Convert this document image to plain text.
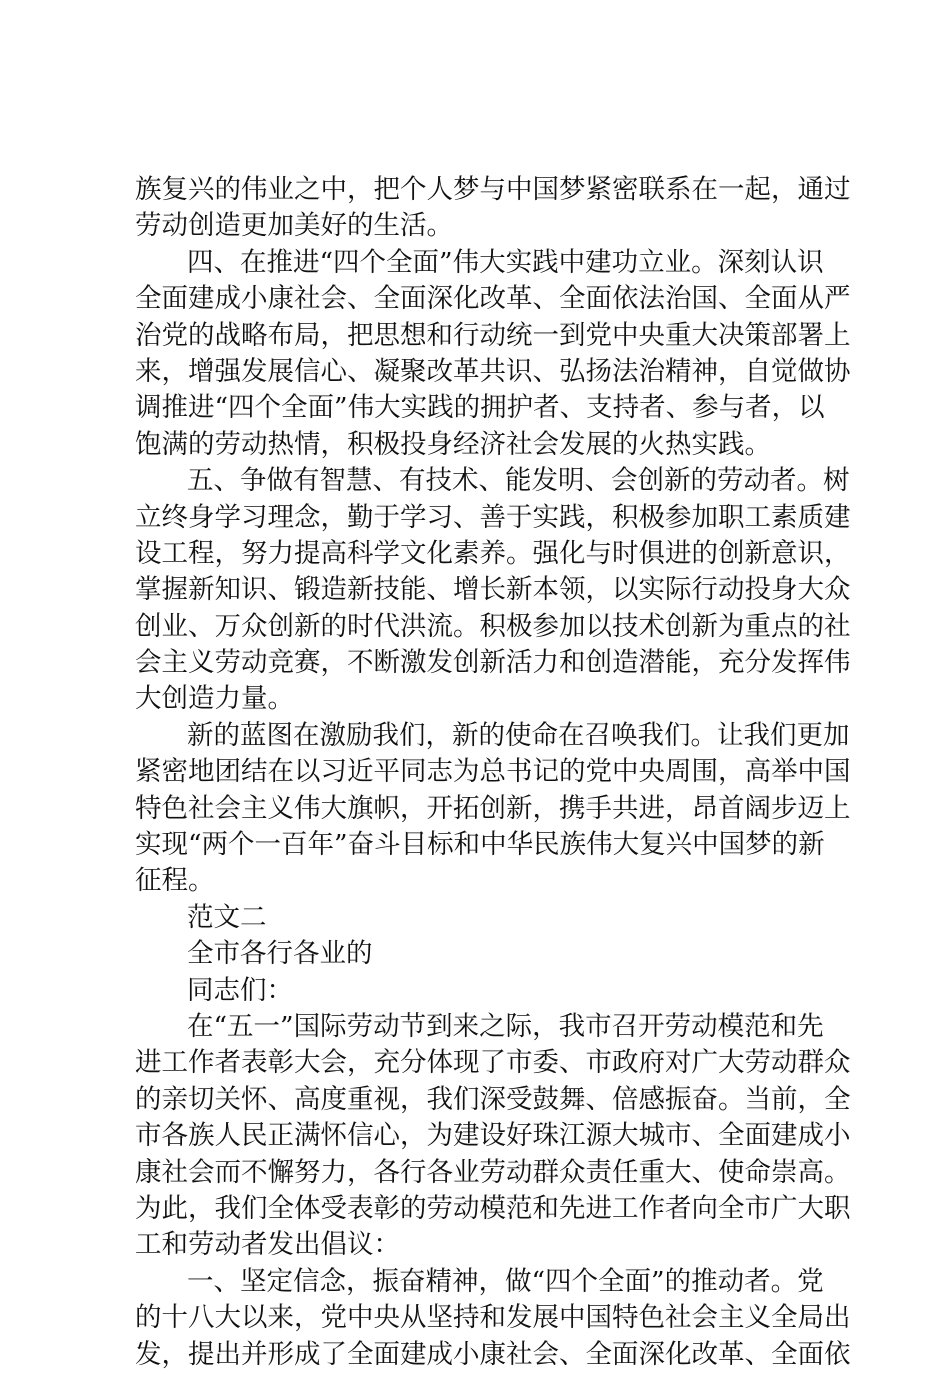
族复兴的伟业之中，把个人梦与中国梦紧密联系在一起，通过
劳动创造更加美好的生活。
四、在推进“四个全面”伟大实践中建功立业。深刻认识
全面建成小康社会、全面深化改革、全面依法治国、全面从严
治党的战略布局，把思想和行动统一到党中央重大决策部署上
来，增强发展信心、凝聚改革共识、弘扬法治精神，自觉做协
调推进“四个全面”伟大实践的拥护者、支持者、参与者，以
饱满的劳动热情，积极投身经济社会发展的火热实践。
五、争做有智慧、有技术、能发明、会创新的劳动者。树
立终身学习理念，勤于学习、善于实践，积极参加职工素质建
设工程，努力提高科学文化素养。强化与时俱进的创新意识，
掌握新知识、锻造新技能、增长新本领，以实际行动投身大众
创业、万众创新的时代洪流。积极参加以技术创新为重点的社
会主义劳动竞赛，不断激发创新活力和创造潜能，充分发挥伟
大创造力量。
新的蓝图在激励我们，新的使命在召唤我们。让我们更加
紧密地团结在以习近平同志为总书记的党中央周围，高举中国
特色社会主义伟大旗帜，开拓创新，携手共进，昂首阔步迈上
实现“两个一百年”奋斗目标和中华民族伟大复兴中国梦的新
征程。
范文二
全市各行各业的
同志们：
在“五一”国际劳动节到来之际，我市召开劳动模范和先
进工作者表彰大会，充分体现了市委、市政府对广大劳动群众
的亲切关怀、高度重视，我们深受鼓舞、倍感振奋。当前，全
市各族人民正满怀信心，为建设好珠江源大城市、全面建成小
康社会而不懈努力，各行各业劳动群众责任重大、使命崇高。
为此，我们全体受表彰的劳动模范和先进工作者向全市广大职
工和劳动者发出倡议：
一、坚定信念，振奋精神，做“四个全面”的推动者。党
的十八大以来，党中央从坚持和发展中国特色社会主义全局出
发，提出并形成了全面建成小康社会、全面深化改革、全面依
